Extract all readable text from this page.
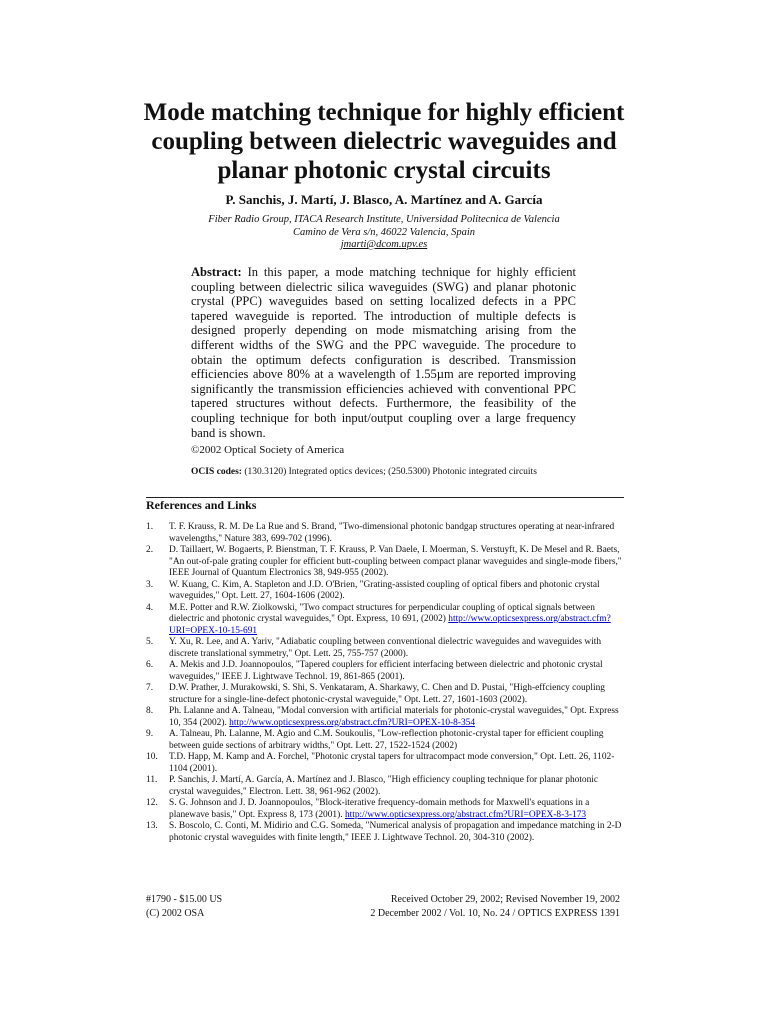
Mode matching technique for highly efficient
coupling between dielectric waveguides and
planar photonic crystal circuits

P. Sanchis, J. Martí, J. Blasco, A. Martínez and A. García

Fiber Radio Group, ITACA Research Institute, Universidad Politecnica de Valencia
Camino de Vera s/n, 46022 Valencia, Spain
jmarti@dcom.upv.es

Abstract: In this paper, a mode matching technique for highly efficient coupling between dielectric silica waveguides (SWG) and planar photonic crystal (PPC) waveguides based on setting localized defects in a PPC tapered waveguide is reported. The introduction of multiple defects is designed properly depending on mode mismatching arising from the different widths of the SWG and the PPC waveguide. The procedure to obtain the optimum defects configuration is described. Transmission efficiencies above 80% at a wavelength of 1.55µm are reported improving significantly the transmission efficiencies achieved with conventional PPC tapered structures without defects. Furthermore, the feasibility of the coupling technique for both input/output coupling over a large frequency band is shown.

©2002 Optical Society of America
OCIS codes: (130.3120) Integrated optics devices; (250.5300) Photonic integrated circuits
References and Links
1.	T. F. Krauss, R. M. De La Rue and S. Brand, "Two-dimensional photonic bandgap structures operating at near-infrared wavelengths," Nature 383, 699-702 (1996).
2.	D. Taillaert, W. Bogaerts, P. Bienstman, T. F. Krauss, P. Van Daele, I. Moerman, S. Verstuyft, K. De Mesel and R. Baets, "An out-of-pale grating coupler for efficient butt-coupling between compact planar waveguides and single-mode fibers," IEEE Journal of Quantum Electronics 38, 949-955 (2002).
3.	W. Kuang, C. Kim, A. Stapleton and J.D. O'Brien, "Grating-assisted coupling of optical fibers and photonic crystal waveguides," Opt. Lett. 27, 1604-1606 (2002).
4.	M.E. Potter and R.W. Ziolkowski, "Two compact structures for perpendicular coupling of optical signals between dielectric and photonic crystal waveguides," Opt. Express, 10 691, (2002) http://www.opticsexpress.org/abstract.cfm?URI=OPEX-10-15-691
5.	Y. Xu, R. Lee, and A. Yariv, "Adiabatic coupling between conventional dielectric waveguides and waveguides with discrete translational symmetry," Opt. Lett. 25, 755-757 (2000).
6.	A. Mekis and J.D. Joannopoulos, "Tapered couplers for efficient interfacing between dielectric and photonic crystal waveguides," IEEE J. Lightwave Technol. 19, 861-865 (2001).
7.	D.W. Prather, J. Murakowski, S. Shi, S. Venkataram, A. Sharkawy, C. Chen and D. Pustai, "High-effciency coupling structure for a single-line-defect photonic-crystal waveguide," Opt. Lett. 27, 1601-1603 (2002).
8.	Ph. Lalanne and A. Talneau, "Modal conversion with artificial materials for photonic-crystal waveguides," Opt. Express 10, 354 (2002). http://www.opticsexpress.org/abstract.cfm?URI=OPEX-10-8-354
9.	A. Talneau, Ph. Lalanne, M. Agio and C.M. Soukoulis, "Low-reflection photonic-crystal taper for efficient coupling between guide sections of arbitrary widths," Opt. Lett. 27, 1522-1524 (2002)
10.	T.D. Happ, M. Kamp and A. Forchel, "Photonic crystal tapers for ultracompact mode conversion," Opt. Lett. 26, 1102-1104 (2001).
11.	P. Sanchis, J. Martí, A. García, A. Martínez and J. Blasco, "High efficiency coupling technique for planar photonic crystal waveguides," Electron. Lett. 38, 961-962 (2002).
12.	S. G. Johnson and J. D. Joannopoulos, "Block-iterative frequency-domain methods for Maxwell's equations in a planewave basis," Opt. Express 8, 173 (2001). http://www.opticsexpress.org/abstract.cfm?URI=OPEX-8-3-173
13.	S. Boscolo, C. Conti, M. Midirio and C.G. Someda, "Numerical analysis of propagation and impedance matching in 2-D photonic crystal waveguides with finite length," IEEE J. Lightwave Technol. 20, 304-310 (2002).
#1790 - $15.00 US
(C) 2002 OSA
Received October 29, 2002; Revised November 19, 2002
2 December 2002 / Vol. 10, No. 24 / OPTICS EXPRESS 1391
